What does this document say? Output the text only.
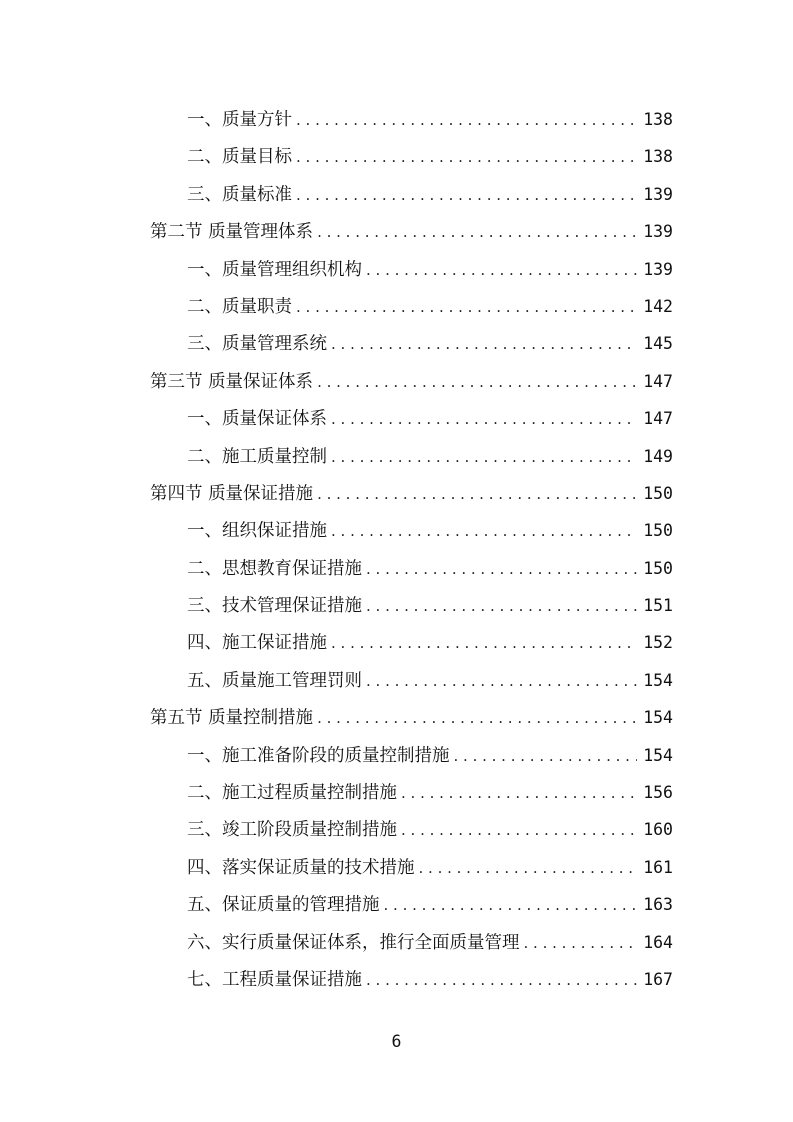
一、质量方针 . . .	138
二、质量目标 . . .	138
三、质量标准 . . .	139
第二节 质量管理体系 . . .	139
一、质量管理组织机构 . . .	139
二、质量职责 . . .	142
三、质量管理系统 . . .	145
第三节 质量保证体系 . . .	147
一、质量保证体系 . . .	147
二、施工质量控制 . . .	149
第四节 质量保证措施 . . .	150
一、组织保证措施 . . .	150
二、思想教育保证措施 . . .	150
三、技术管理保证措施 . . .	151
四、施工保证措施 . . .	152
五、质量施工管理罚则 . . .	154
第五节 质量控制措施 . . .	154
一、施工准备阶段的质量控制措施 . . .	154
二、施工过程质量控制措施 . . .	156
三、竣工阶段质量控制措施 . . .	160
四、落实保证质量的技术措施 . . .	161
五、保证质量的管理措施 . . .	163
六、实行质量保证体系，推行全面质量管理 . . .	164
七、工程质量保证措施 . . .	167
6
